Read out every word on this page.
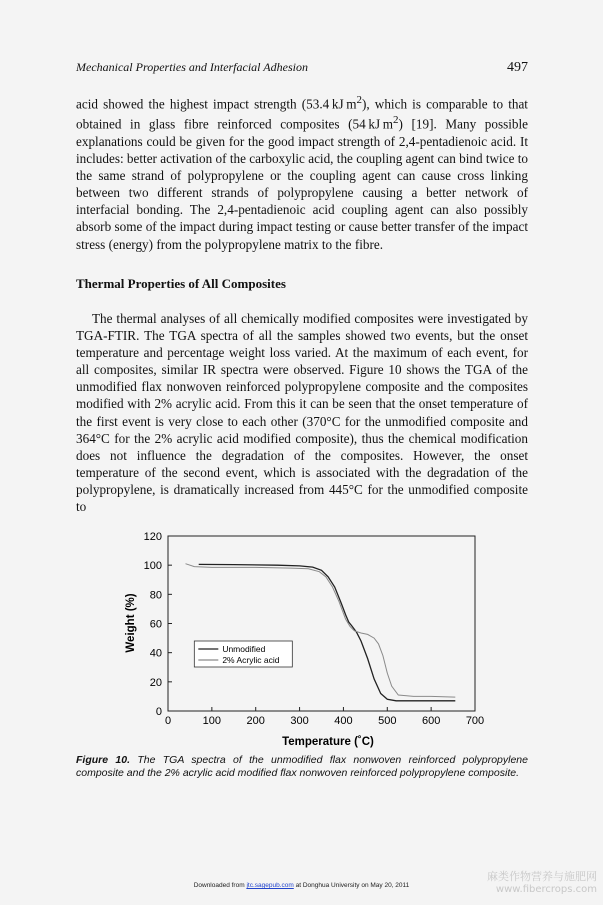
Mechanical Properties and Interfacial Adhesion	497

acid showed the highest impact strength (53.4 kJ $m^2$), which is comparable to that obtained in glass fibre reinforced composites (54 kJ $m^2$) [19]. Many possible explanations could be given for the good impact strength of 2,4-pentadienoic acid. It includes: better activation of the carboxylic acid, the coupling agent can bind twice to the same strand of polypropylene or the coupling agent can cause cross linking between two different strands of polypropylene causing a better network of interfacial bonding. The 2,4-pentadienoic acid coupling agent can also possibly absorb some of the impact during impact testing or cause better transfer of the impact stress (energy) from the polypropylene matrix to the fibre.

Thermal Properties of All Composites

The thermal analyses of all chemically modified composites were investigated by TGA-FTIR. The TGA spectra of all the samples showed two events, but the onset temperature and percentage weight loss varied. At the maximum of each event, for all composites, similar IR spectra were observed. Figure 10 shows the TGA of the unmodified flax nonwoven reinforced polypropylene composite and the composites modified with 2% acrylic acid. From this it can be seen that the onset temperature of the first event is very close to each other (370°C for the unmodified composite and 364°C for the 2% acrylic acid modified composite), thus the chemical modification does not influence the degradation of the composites. However, the onset temperature of the second event, which is associated with the degradation of the polypropylene, is dramatically increased from 445°C for the unmodified composite to

0	100 200 300 400 500 600 700
0
20
40
60
80
100
120
Unmodified
2% Acrylic acid
Temperature (˚C)
Weight (%)
Figure 10. The TGA spectra of the unmodified flax nonwoven reinforced polypropylene composite and the 2% acrylic acid modified flax nonwoven reinforced polypropylene composite.
Downloaded from jtc.sagepub.com at Donghua University on May 20, 2011
麻类作物营养与施肥网
www.fibercrops.com
